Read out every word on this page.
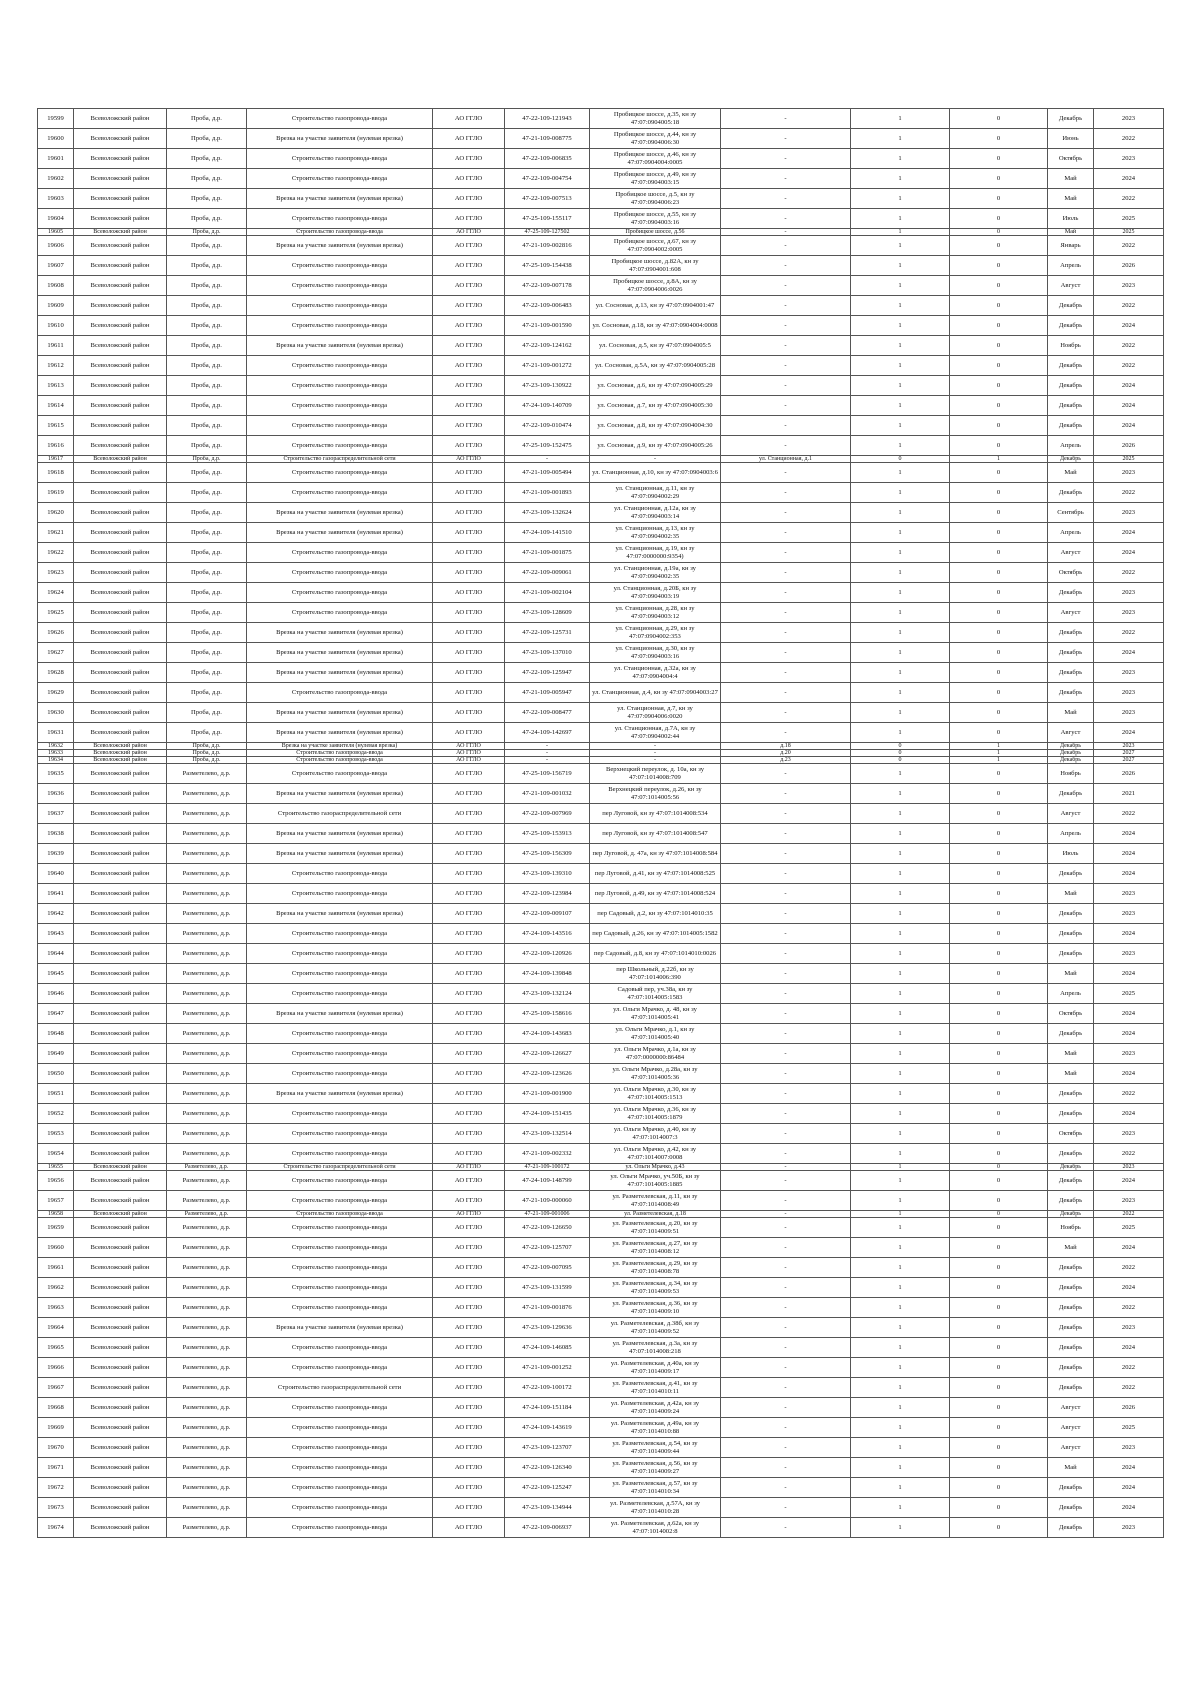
19599	Всеволожский район	Проба, д.р.	Строительство газопровода-ввода	АО ГГЛО	47-22-109-121943	Пробицкое шоссе, д.35, кн зу 47:07:0904005:18	-	1	0	Декабрь	2023
19600	Всеволожский район	Проба, д.р.	Врезка на участке заявителя (нулевая врезка)	АО ГГЛО	47-21-109-008775	Пробицкое шоссе, д.44, кн зу 47:07:0904006:30	-	1	0	Июнь	2022
19601	Всеволожский район	Проба, д.р.	Строительство газопровода-ввода	АО ГГЛО	47-22-109-006835	Пробицкое шоссе, д.46, кн зу 47:07:0904004:0005	-	1	0	Октябрь	2023
19602	Всеволожский район	Проба, д.р.	Строительство газопровода-ввода	АО ГГЛО	47-22-109-004754	Пробицкое шоссе, д.49, кн зу 47:07:0904003:15	-	1	0	Май	2024
19603	Всеволожский район	Проба, д.р.	Врезка на участке заявителя (нулевая врезка)	АО ГГЛО	47-22-109-007513	Пробицкое шоссе, д.5, кн зу 47:07:0904006:23	-	1	0	Май	2022
19604	Всеволожский район	Проба, д.р.	Строительство газопровода-ввода	АО ГГЛО	47-25-109-155117	Пробицкое шоссе, д.55, кн зу 47:07:0904003:16	-	1	0	Июль	2025
19605	Всеволожский район	Проба, д.р.	Строительство газопровода-ввода	АО ГГЛО	47-25-109-127502	Пробицкое шоссе, д.56	-	1	0	Май	2025
19606	Всеволожский район	Проба, д.р.	Врезка на участке заявителя (нулевая врезка)	АО ГГЛО	47-21-109-002816	Пробицкое шоссе, д.67, кн зу 47:07:0904002:0005	-	1	0	Январь	2022
19607	Всеволожский район	Проба, д.р.	Строительство газопровода-ввода	АО ГГЛО	47-25-109-154438	Пробицкое шоссе, д.82А, кн зу 47:07:0904001:608	-	1	0	Апрель	2026
19608	Всеволожский район	Проба, д.р.	Строительство газопровода-ввода	АО ГГЛО	47-22-109-007178	Пробицкое шоссе, д.8А, кн зу 47:07:0904006:0026	-	1	0	Август	2023
19609	Всеволожский район	Проба, д.р.	Строительство газопровода-ввода	АО ГГЛО	47-22-109-006483	ул. Сосновая, д.13, кн зу 47:07:0904001:47	-	1	0	Декабрь	2022
19610	Всеволожский район	Проба, д.р.	Строительство газопровода-ввода	АО ГГЛО	47-21-109-001590	ул. Сосновая, д.18, кн зу 47:07:0904004:0008	-	1	0	Декабрь	2024
19611	Всеволожский район	Проба, д.р.	Врезка на участке заявителя (нулевая врезка)	АО ГГЛО	47-22-109-124162	ул. Сосновая, д.5, кн зу 47:07:0904005:5	-	1	0	Ноябрь	2022
19612	Всеволожский район	Проба, д.р.	Строительство газопровода-ввода	АО ГГЛО	47-21-109-001272	ул. Сосновая, д.5А, кн зу 47:07:0904005:28	-	1	0	Декабрь	2022
19613	Всеволожский район	Проба, д.р.	Строительство газопровода-ввода	АО ГГЛО	47-23-109-130922	ул. Сосновая, д.6, кн зу 47:07:0904005:29	-	1	0	Декабрь	2024
19614	Всеволожский район	Проба, д.р.	Строительство газопровода-ввода	АО ГГЛО	47-24-109-140709	ул. Сосновая, д.7, кн зу 47:07:0904005:30	-	1	0	Декабрь	2024
19615	Всеволожский район	Проба, д.р.	Строительство газопровода-ввода	АО ГГЛО	47-22-109-010474	ул. Сосновая, д.8, кн зу 47:07:0904004:30	-	1	0	Декабрь	2024
19616	Всеволожский район	Проба, д.р.	Строительство газопровода-ввода	АО ГГЛО	47-25-109-152475	ул. Сосновая, д.9, кн зу 47:07:0904005:26	-	1	0	Апрель	2026
19617	Всеволожский район	Проба, д.р.	Строительство газораспределительной сети	АО ГГЛО	-	-	ул. Станционная, д.1	0	1	Декабрь	2025
19618	Всеволожский район	Проба, д.р.	Строительство газопровода-ввода	АО ГГЛО	47-21-109-005494	ул. Станционная, д.10, кн зу 47:07:0904003:6	-	1	0	Май	2023
19619	Всеволожский район	Проба, д.р.	Строительство газопровода-ввода	АО ГГЛО	47-21-109-001893	ул. Станционная, д.11, кн зу 47:07:0904002:29	-	1	0	Декабрь	2022
19620	Всеволожский район	Проба, д.р.	Врезка на участке заявителя (нулевая врезка)	АО ГГЛО	47-23-109-132624	ул. Станционная, д.12а, кн зу 47:07:0904003:14	-	1	0	Сентябрь	2023
19621	Всеволожский район	Проба, д.р.	Врезка на участке заявителя (нулевая врезка)	АО ГГЛО	47-24-109-141510	ул. Станционная, д.13, кн зу 47:07:0904002:35	-	1	0	Апрель	2024
19622	Всеволожский район	Проба, д.р.	Строительство газопровода-ввода	АО ГГЛО	47-21-109-001875	ул. Станционная, д.19, кн зу 47:07:0000000:9354)	-	1	0	Август	2024
19623	Всеволожский район	Проба, д.р.	Строительство газопровода-ввода	АО ГГЛО	47-22-109-009061	ул. Станционная, д.19а, кн зу 47:07:0904002:35	-	1	0	Октябрь	2022
19624	Всеволожский район	Проба, д.р.	Строительство газопровода-ввода	АО ГГЛО	47-21-109-002104	ул. Станционная, д.20Б, кн зу 47:07:0904003:19	-	1	0	Декабрь	2023
19625	Всеволожский район	Проба, д.р.	Строительство газопровода-ввода	АО ГГЛО	47-23-109-128609	ул. Станционная, д.28, кн зу 47:07:0904003:12	-	1	0	Август	2023
19626	Всеволожский район	Проба, д.р.	Врезка на участке заявителя (нулевая врезка)	АО ГГЛО	47-22-109-125731	ул. Станционная, д.29, кн зу 47:07:0904002:353	-	1	0	Декабрь	2022
19627	Всеволожский район	Проба, д.р.	Врезка на участке заявителя (нулевая врезка)	АО ГГЛО	47-23-109-137010	ул. Станционная, д.30, кн зу 47:07:0904003:16	-	1	0	Декабрь	2024
19628	Всеволожский район	Проба, д.р.	Врезка на участке заявителя (нулевая врезка)	АО ГГЛО	47-22-109-125947	ул. Станционная, д.32а, кн зу 47:07:0904004:4	-	1	0	Декабрь	2023
19629	Всеволожский район	Проба, д.р.	Строительство газопровода-ввода	АО ГГЛО	47-21-109-005947	ул. Станционная, д.4, кн зу 47:07:0904003:27	-	1	0	Декабрь	2023
19630	Всеволожский район	Проба, д.р.	Врезка на участке заявителя (нулевая врезка)	АО ГГЛО	47-22-109-008477	ул. Станционная, д.7, кн зу 47:07:0904006:0020	-	1	0	Май	2023
19631	Всеволожский район	Проба, д.р.	Врезка на участке заявителя (нулевая врезка)	АО ГГЛО	47-24-109-142697	ул. Станционная, д.7А, кн зу 47:07:0904002:44	-	1	0	Август	2024
19632	Всеволожский район	Проба, д.р.	Врезка на участке заявителя (нулевая врезка)	АО ГГЛО	-	-	д.18	0	1	Декабрь	2023
19633	Всеволожский район	Проба, д.р.	Строительство газопровода-ввода	АО ГГЛО	-	-	д.20	0	1	Декабрь	2027
19634	Всеволожский район	Проба, д.р.	Строительство газопровода-ввода	АО ГГЛО	-	-	д.23	0	1	Декабрь	2027
19635	Всеволожский район	Разметелево, д.р.	Строительство газопровода-ввода	АО ГГЛО	47-25-109-156719	Верхнецкий переулок, д. 10а, кн зу 47:07:1014008:709	-	1	0	Ноябрь	2026
19636	Всеволожский район	Разметелево, д.р.	Врезка на участке заявителя (нулевая врезка)	АО ГГЛО	47-21-109-001032	Верхнецкий переулок, д.26, кн зу 47:07:1014005:56	-	1	0	Декабрь	2021
19637	Всеволожский район	Разметелево, д.р.	Строительство газораспределительной сети	АО ГГЛО	47-22-109-007969	пер Луговой, кн зу 47:07:1014008:534	-	1	0	Август	2022
19638	Всеволожский район	Разметелево, д.р.	Врезка на участке заявителя (нулевая врезка)	АО ГГЛО	47-25-109-153913	пер Луговой, кн зу 47:07:1014008:547	-	1	0	Апрель	2024
19639	Всеволожский район	Разметелево, д.р.	Врезка на участке заявителя (нулевая врезка)	АО ГГЛО	47-25-109-156309	пер Луговой, д. 47а, кн зу 47:07:1014008:584	-	1	0	Июль	2024
19640	Всеволожский район	Разметелево, д.р.	Строительство газопровода-ввода	АО ГГЛО	47-23-109-139310	пер Луговой, д.41, кн зу 47:07:1014008:525	-	1	0	Декабрь	2024
19641	Всеволожский район	Разметелево, д.р.	Строительство газопровода-ввода	АО ГГЛО	47-22-109-123984	пер Луговой, д.49, кн зу 47:07:1014008:524	-	1	0	Май	2023
19642	Всеволожский район	Разметелево, д.р.	Врезка на участке заявителя (нулевая врезка)	АО ГГЛО	47-22-109-009107	пер Садовый, д.2, кн зу 47:07:1014010:35	-	1	0	Декабрь	2023
19643	Всеволожский район	Разметелево, д.р.	Строительство газопровода-ввода	АО ГГЛО	47-24-109-143516	пер Садовый, д.26, кн зу 47:07:1014005:1582	-	1	0	Декабрь	2024
19644	Всеволожский район	Разметелево, д.р.	Строительство газопровода-ввода	АО ГГЛО	47-22-109-120926	пер Садовый, д.8, кн зу 47:07:1014010:0026	-	1	0	Декабрь	2023
19645	Всеволожский район	Разметелево, д.р.	Строительство газопровода-ввода	АО ГГЛО	47-24-109-139848	пер Школьный, д.22б, кн зу 47:07:1014006:390	-	1	0	Май	2024
19646	Всеволожский район	Разметелево, д.р.	Строительство газопровода-ввода	АО ГГЛО	47-23-109-132124	Садовый пер, уч.38а, кн зу 47:07:1014005:1583	-	1	0	Апрель	2025
19647	Всеволожский район	Разметелево, д.р.	Врезка на участке заявителя (нулевая врезка)	АО ГГЛО	47-25-109-158616	ул. Ольги Мрачко, д. 48, кн зу 47:07:1014005:41	-	1	0	Октябрь	2024
19648	Всеволожский район	Разметелево, д.р.	Строительство газопровода-ввода	АО ГГЛО	47-24-109-143683	ул. Ольги Мрачко, д.1, кн зу 47:07:1014005:40	-	1	0	Декабрь	2024
19649	Всеволожский район	Разметелево, д.р.	Строительство газопровода-ввода	АО ГГЛО	47-22-109-126627	ул. Ольги Мрачко, д.1а, кн зу 47:07:0000000:86484	-	1	0	Май	2023
19650	Всеволожский район	Разметелево, д.р.	Строительство газопровода-ввода	АО ГГЛО	47-22-109-123626	ул. Ольги Мрачко, д.28а, кн зу 47:07:1014005:36	-	1	0	Май	2024
19651	Всеволожский район	Разметелево, д.р.	Врезка на участке заявителя (нулевая врезка)	АО ГГЛО	47-21-109-001900	ул. Ольги Мрачко, д.30, кн зу 47:07:1014005:1513	-	1	0	Декабрь	2022
19652	Всеволожский район	Разметелево, д.р.	Строительство газопровода-ввода	АО ГГЛО	47-24-109-151435	ул. Ольги Мрачко, д.36, кн зу 47:07:1014005:1879	-	1	0	Декабрь	2024
19653	Всеволожский район	Разметелево, д.р.	Строительство газопровода-ввода	АО ГГЛО	47-23-109-132514	ул. Ольги Мрачко, д.40, кн зу 47:07:1014007:3	-	1	0	Октябрь	2023
19654	Всеволожский район	Разметелево, д.р.	Строительство газопровода-ввода	АО ГГЛО	47-21-109-002332	ул. Ольги Мрачко, д.42, кн зу 47:07:1014007:0008	-	1	0	Декабрь	2022
19655	Всеволожский район	Разметелево, д.р.	Строительство газораспределительной сети	АО ГГЛО	47-21-109-100172	ул. Ольги Мрачко, д.43	-	1	0	Декабрь	2023
19656	Всеволожский район	Разметелево, д.р.	Строительство газопровода-ввода	АО ГГЛО	47-24-109-148799	ул. Ольги Мрачко, уч.50Б, кн зу 47:07:1014005:1885	-	1	0	Декабрь	2024
19657	Всеволожский район	Разметелево, д.р.	Строительство газопровода-ввода	АО ГГЛО	47-21-109-000060	ул. Разметелевская, д.11, кн зу 47:07:1014008:49	-	1	0	Декабрь	2023
19658	Всеволожский район	Разметелево, д.р.	Строительство газопровода-ввода	АО ГГЛО	47-21-109-001006	ул. Разметелевская, д.18	-	1	0	Декабрь	2022
19659	Всеволожский район	Разметелево, д.р.	Строительство газопровода-ввода	АО ГГЛО	47-22-109-126650	ул. Разметелевская, д.20, кн зу 47:07:1014009:51	-	1	0	Ноябрь	2025
19660	Всеволожский район	Разметелево, д.р.	Строительство газопровода-ввода	АО ГГЛО	47-22-109-125707	ул. Разметелевская, д.27, кн зу 47:07:1014008:12	-	1	0	Май	2024
19661	Всеволожский район	Разметелево, д.р.	Строительство газопровода-ввода	АО ГГЛО	47-22-109-007095	ул. Разметелевская, д.29, кн зу 47:07:1014008:78	-	1	0	Декабрь	2022
19662	Всеволожский район	Разметелево, д.р.	Строительство газопровода-ввода	АО ГГЛО	47-23-109-131599	ул. Разметелевская, д.34, кн зу 47:07:1014009:53	-	1	0	Декабрь	2024
19663	Всеволожский район	Разметелево, д.р.	Строительство газопровода-ввода	АО ГГЛО	47-21-109-001876	ул. Разметелевская, д.36, кн зу 47:07:1014009:10	-	1	0	Декабрь	2022
19664	Всеволожский район	Разметелево, д.р.	Врезка на участке заявителя (нулевая врезка)	АО ГГЛО	47-23-109-129636	ул. Разметелевская, д.38б, кн зу 47:07:1014009:52	-	1	0	Декабрь	2023
19665	Всеволожский район	Разметелево, д.р.	Строительство газопровода-ввода	АО ГГЛО	47-24-109-146085	ул. Разметелевская, д.3а, кн зу 47:07:1014008:218	-	1	0	Декабрь	2024
19666	Всеволожский район	Разметелево, д.р.	Строительство газопровода-ввода	АО ГГЛО	47-21-109-001252	ул. Разметелевская, д.40а, кн зу 47:07:1014009:17	-	1	0	Декабрь	2022
19667	Всеволожский район	Разметелево, д.р.	Строительство газораспределительной сети	АО ГГЛО	47-22-109-100172	ул. Разметелевская, д.41, кн зу 47:07:1014010:11	-	1	0	Декабрь	2022
19668	Всеволожский район	Разметелево, д.р.	Строительство газопровода-ввода	АО ГГЛО	47-24-109-151184	ул. Разметелевская, д.42а, кн зу 47:07:1014009:24	-	1	0	Август	2026
19669	Всеволожский район	Разметелево, д.р.	Строительство газопровода-ввода	АО ГГЛО	47-24-109-143619	ул. Разметелевская, д.49а, кн зу 47:07:1014010:88	-	1	0	Август	2025
19670	Всеволожский район	Разметелево, д.р.	Строительство газопровода-ввода	АО ГГЛО	47-23-109-123707	ул. Разметелевская, д.54, кн зу 47:07:1014009:44	-	1	0	Август	2023
19671	Всеволожский район	Разметелево, д.р.	Строительство газопровода-ввода	АО ГГЛО	47-22-109-126340	ул. Разметелевская, д.56, кн зу 47:07:1014009:27	-	1	0	Май	2024
19672	Всеволожский район	Разметелево, д.р.	Строительство газопровода-ввода	АО ГГЛО	47-22-109-125247	ул. Разметелевская, д.57, кн зу 47:07:1014010:34	-	1	0	Декабрь	2024
19673	Всеволожский район	Разметелево, д.р.	Строительство газопровода-ввода	АО ГГЛО	47-23-109-134944	ул. Разметелевская, д.57А, кн зу 47:07:1014010:28	-	1	0	Декабрь	2024
19674	Всеволожский район	Разметелево, д.р.	Строительство газопровода-ввода	АО ГГЛО	47-22-109-006937	ул. Разметелевская, д.62а, кн зу 47:07:1014002:8	-	1	0	Декабрь	2023
